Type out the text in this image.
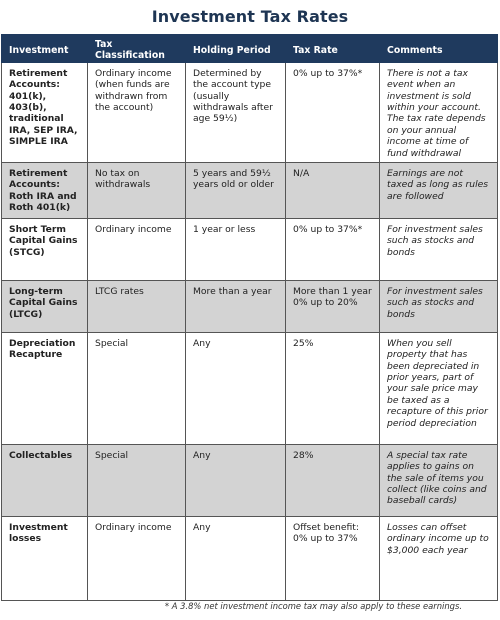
Investment Tax Rates
Investment	Tax Classification	Holding Period	Tax Rate	Comments
Retirement Accounts: 401(k), 403(b), traditional IRA, SEP IRA, SIMPLE IRA	Ordinary income (when funds are withdrawn from the account)	Determined by the account type (usually withdrawals after age 59½)	0% up to 37%*	There is not a tax event when an investment is sold within your account. The tax rate depends on your annual income at time of fund withdrawal
Retirement Accounts: Roth IRA and Roth 401(k)	No tax on withdrawals	5 years and 59½ years old or older	N/A	Earnings are not taxed as long as rules are followed
Short Term Capital Gains (STCG)	Ordinary income	1 year or less	0% up to 37%*	For investment sales such as stocks and bonds
Long-term Capital Gains (LTCG)	LTCG rates	More than a year	More than 1 year 0% up to 20%	For investment sales such as stocks and bonds
Depreciation Recapture	Special	Any	25%	When you sell property that has been depreciated in prior years, part of your sale price may be taxed as a recapture of this prior period depreciation
Collectables	Special	Any	28%	A special tax rate applies to gains on the sale of items you collect (like coins and baseball cards)
Investment losses	Ordinary income	Any	Offset benefit: 0% up to 37%	Losses can offset ordinary income up to $3,000 each year
* A 3.8% net investment income tax may also apply to these earnings.
